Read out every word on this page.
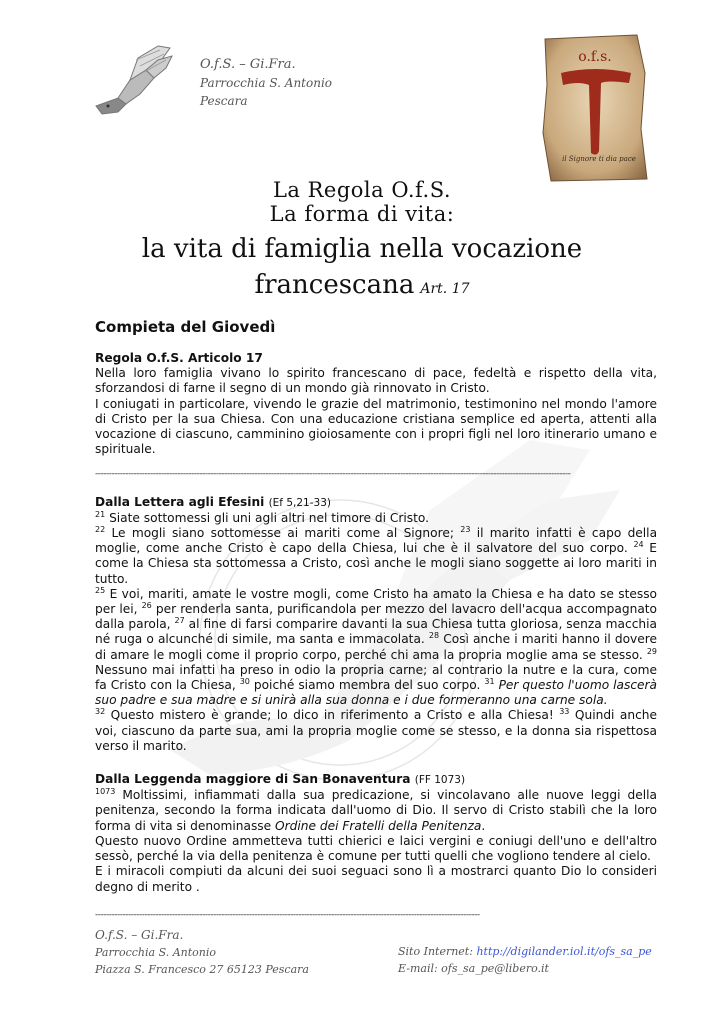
O.f.S. – Gi.Fra.
Parrocchia S. Antonio
Pescara
o.f.s.
il Signore ti dia pace
La Regola O.f.S.
La forma di vita:
la vita di famiglia nella vocazione
francescana Art. 17
Compieta del Giovedì
Regola O.f.S. Articolo 17

Nella loro famiglia vivano lo spirito francescano di pace, fedeltà e rispetto della vita, sforzandosi di farne il segno di un mondo già rinnovato in Cristo.

I coniugati in particolare, vivendo le grazie del matrimonio, testimonino nel mondo l'amore di Cristo per la sua Chiesa. Con una educazione cristiana semplice ed aperta, attenti alla vocazione di ciascuno, camminino gioiosamente con i propri figli nel loro itinerario umano e spirituale.

-----------------------------------------------------------------------------------------------------------------------------------------------------------------------------
Dalla Lettera agli Efesini (Ef 5,21-33)

$^{21}$ Siate sottomessi gli uni agli altri nel timore di Cristo.

$^{22}$ Le mogli siano sottomesse ai mariti come al Signore; $^{23}$ il marito infatti è capo della moglie, come anche Cristo è capo della Chiesa, lui che è il salvatore del suo corpo. $^{24}$ E come la Chiesa sta sottomessa a Cristo, così anche le mogli siano soggette ai loro mariti in tutto.

$^{25}$ E voi, mariti, amate le vostre mogli, come Cristo ha amato la Chiesa e ha dato se stesso per lei, $^{26}$ per renderla santa, purificandola per mezzo del lavacro dell'acqua accompagnato dalla parola, $^{27}$ al fine di farsi comparire davanti la sua Chiesa tutta gloriosa, senza macchia né ruga o alcunché di simile, ma santa e immacolata. $^{28}$ Così anche i mariti hanno il dovere di amare le mogli come il proprio corpo, perché chi ama la propria moglie ama se stesso. $^{29}$ Nessuno mai infatti ha preso in odio la propria carne; al contrario la nutre e la cura, come fa Cristo con la Chiesa, $^{30}$ poiché siamo membra del suo corpo. $^{31}$ Per questo l'uomo lascerà suo padre e sua madre e si unirà alla sua donna e i due formeranno una carne sola.

$^{32}$ Questo mistero è grande; lo dico in riferimento a Cristo e alla Chiesa! $^{33}$ Quindi anche voi, ciascuno da parte sua, ami la propria moglie come se stesso, e la donna sia rispettosa verso il marito.

Dalla Leggenda maggiore di San Bonaventura (FF 1073)

$^{1073}$ Moltissimi, infiammati dalla sua predicazione, si vincolavano alle nuove leggi della penitenza, secondo la forma indicata dall'uomo di Dio. Il servo di Cristo stabilì che la loro forma di vita si denominasse Ordine dei Fratelli della Penitenza.

Questo nuovo Ordine ammetteva tutti chierici e laici vergini e coniugi dell'uno e dell'altro sessò, perché la via della penitenza è comune per tutti quelli che vogliono tendere al cielo.

E i miracoli compiuti da alcuni dei suoi seguaci sono lì a mostrarci quanto Dio lo consideri degno di merito .

--------------------------------------------------------------------------------------------------------------------------------------------
O.f.S. – Gi.Fra.
Parrocchia S. Antonio
Piazza S. Francesco 27 65123 Pescara
Sito Internet: http://digilander.iol.it/ofs_sa_pe
E-mail: ofs_sa_pe@libero.it
